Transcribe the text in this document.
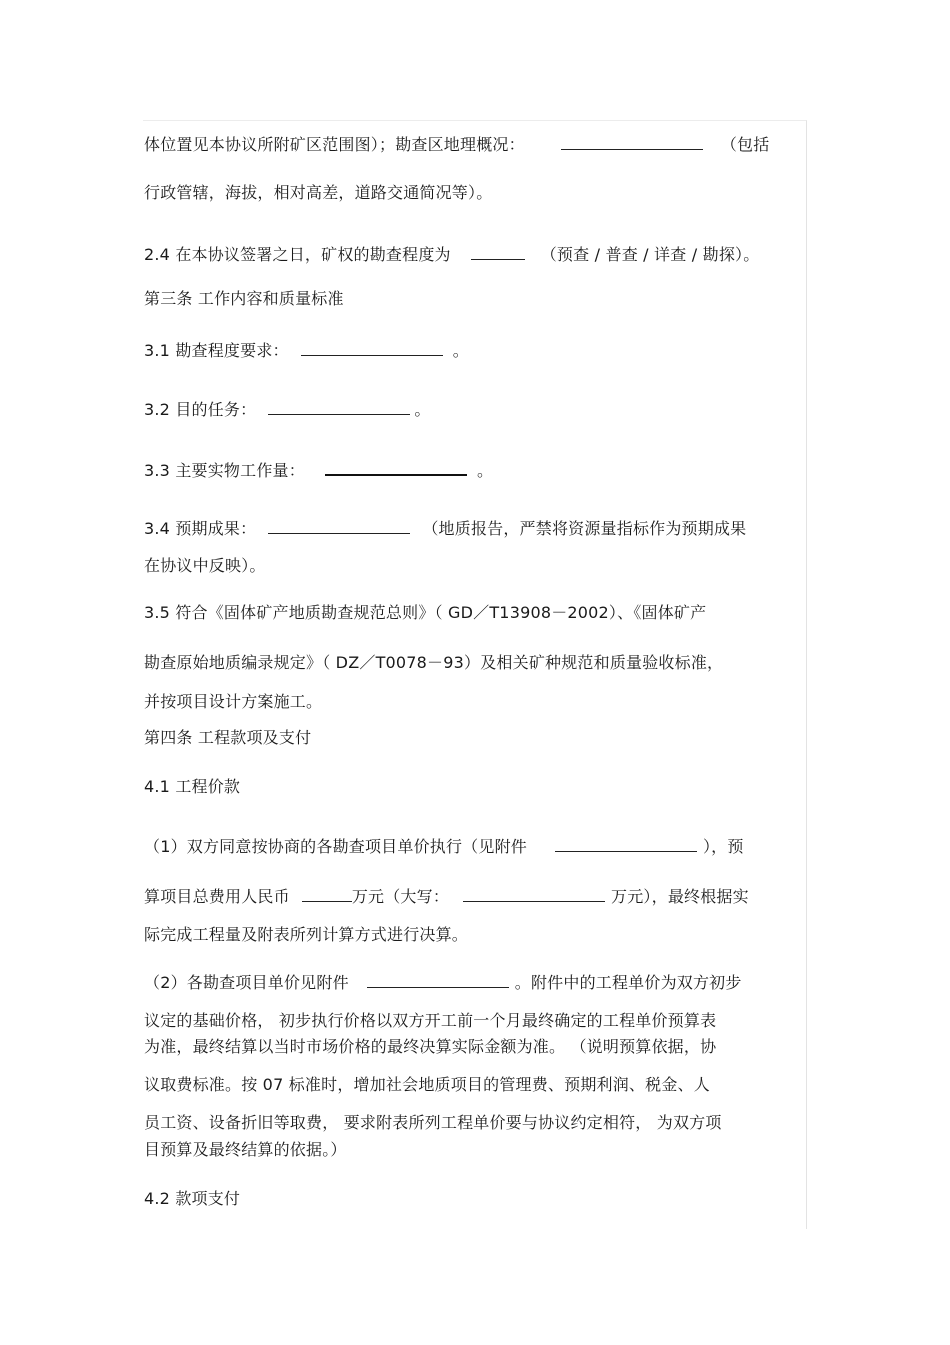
体位置见本协议所附矿区范围图）；勘查区地理概况：	（包括
行政管辖，海拔，相对高差，道路交通简况等）。
2.4 在本协议签署之日，矿权的勘查程度为	（预查 / 普查 / 详查 / 勘探）。
第三条 工作内容和质量标准
3.1 勘查程度要求：	。
3.2 目的任务：	。
3.3 主要实物工作量：	。
3.4 预期成果：	（地质报告，严禁将资源量指标作为预期成果
在协议中反映）。
3.5 符合《固体矿产地质勘查规范总则》（ GD／T13908－2002）、《固体矿产
勘查原始地质编录规定》（ DZ／T0078－93）及相关矿种规范和质量验收标准，
并按项目设计方案施工。
第四条 工程款项及支付
4.1 工程价款
（1）双方同意按协商的各勘查项目单价执行（见附件	），预
算项目总费用人民币	万元（大写：	万元），最终根据实
际完成工程量及附表所列计算方式进行决算。
（2）各勘查项目单价见附件	。附件中的工程单价为双方初步
议定的基础价格， 初步执行价格以双方开工前一个月最终确定的工程单价预算表
为准，最终结算以当时市场价格的最终决算实际金额为准。 （说明预算依据，协
议取费标准。按 07 标准时，增加社会地质项目的管理费、预期利润、税金、人
员工资、设备折旧等取费， 要求附表所列工程单价要与协议约定相符， 为双方项
目预算及最终结算的依据。）
4.2 款项支付
